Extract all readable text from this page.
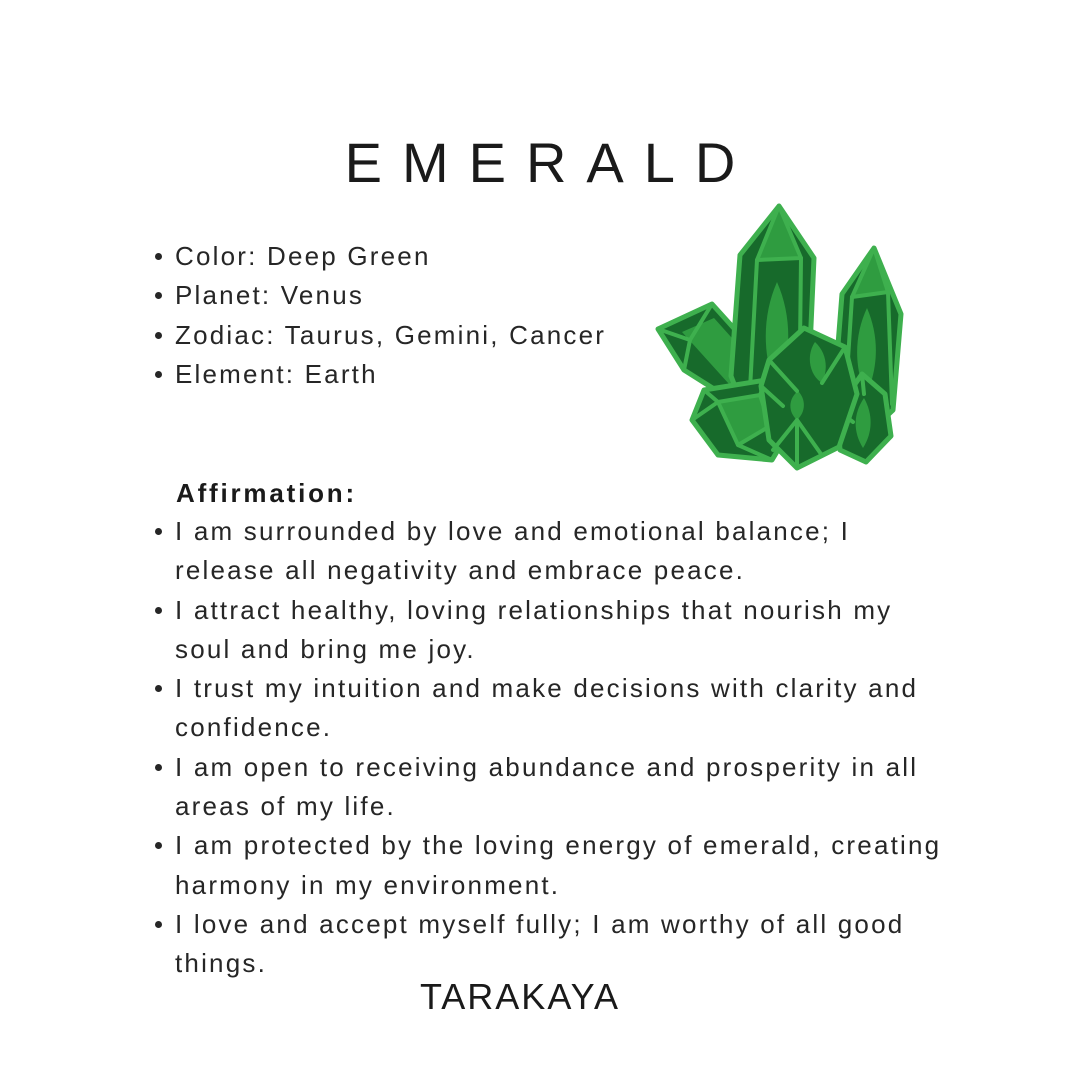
EMERALD
Color: Deep Green
Planet: Venus
Zodiac: Taurus, Gemini, Cancer
Element: Earth
Affirmation:
I am surrounded by love and emotional balance; I release all negativity and embrace peace.
I attract healthy, loving relationships that nourish my soul and bring me joy.
I trust my intuition and make decisions with clarity and confidence.
I am open to receiving abundance and prosperity in all areas of my life.
I am protected by the loving energy of emerald, creating harmony in my environment.
I love and accept myself fully; I am worthy of all good things.
TARAKAYA
